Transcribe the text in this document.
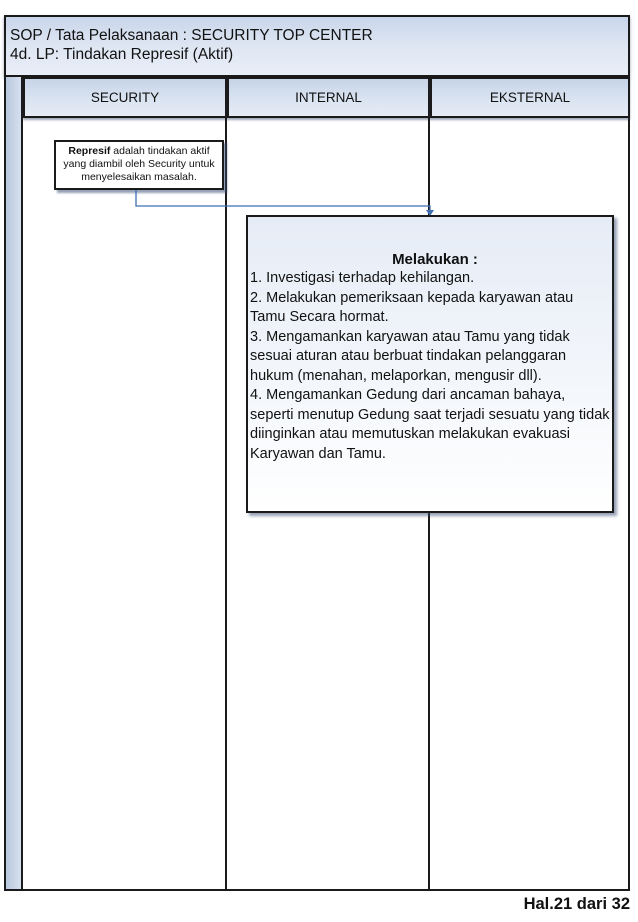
SOP / Tata Pelaksanaan : SECURITY TOP CENTER
4d. LP: Tindakan Represif (Aktif)
SECURITY	INTERNAL	EKSTERNAL
Represif adalah tindakan aktif yang diambil oleh Security untuk menyelesaikan masalah.
Melakukan :
1. Investigasi terhadap kehilangan.
2. Melakukan pemeriksaan kepada karyawan atau Tamu Secara hormat.
3. Mengamankan karyawan atau Tamu yang tidak sesuai aturan atau berbuat tindakan pelanggaran hukum (menahan, melaporkan, mengusir dll).
4. Mengamankan Gedung dari ancaman bahaya, seperti menutup Gedung saat terjadi sesuatu yang tidak diinginkan atau memutuskan melakukan evakuasi Karyawan dan Tamu.
Hal.21 dari 32
